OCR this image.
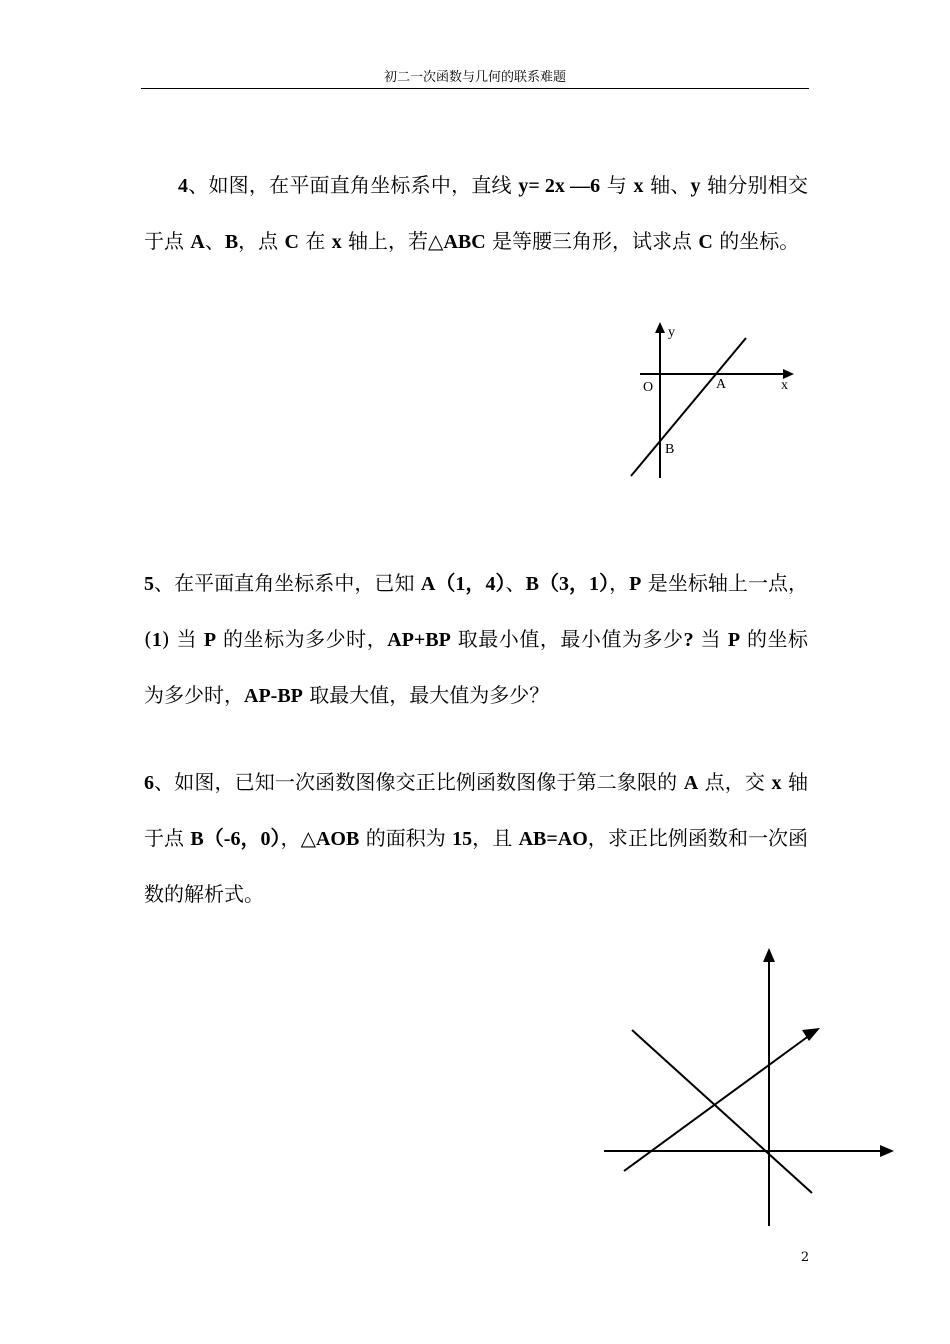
初二一次函数与几何的联系难题
4、如图，在平面直角坐标系中，直线 y= 2x —6 与 x 轴、y 轴分别相交于点 A、B，点 C 在 x 轴上，若△ABC 是等腰三角形，试求点 C 的坐标。
y
x
O	A
B
5、在平面直角坐标系中，已知 A（1，4）、B（3，1），P 是坐标轴上一点，(1) 当 P 的坐标为多少时，AP+BP 取最小值，最小值为多少? 当 P 的坐标为多少时，AP-BP 取最大值，最大值为多少？
6、如图，已知一次函数图像交正比例函数图像于第二象限的 A 点，交 x 轴于点 B（-6，0），△AOB 的面积为 15，且 AB=AO，求正比例函数和一次函数的解析式。
2
